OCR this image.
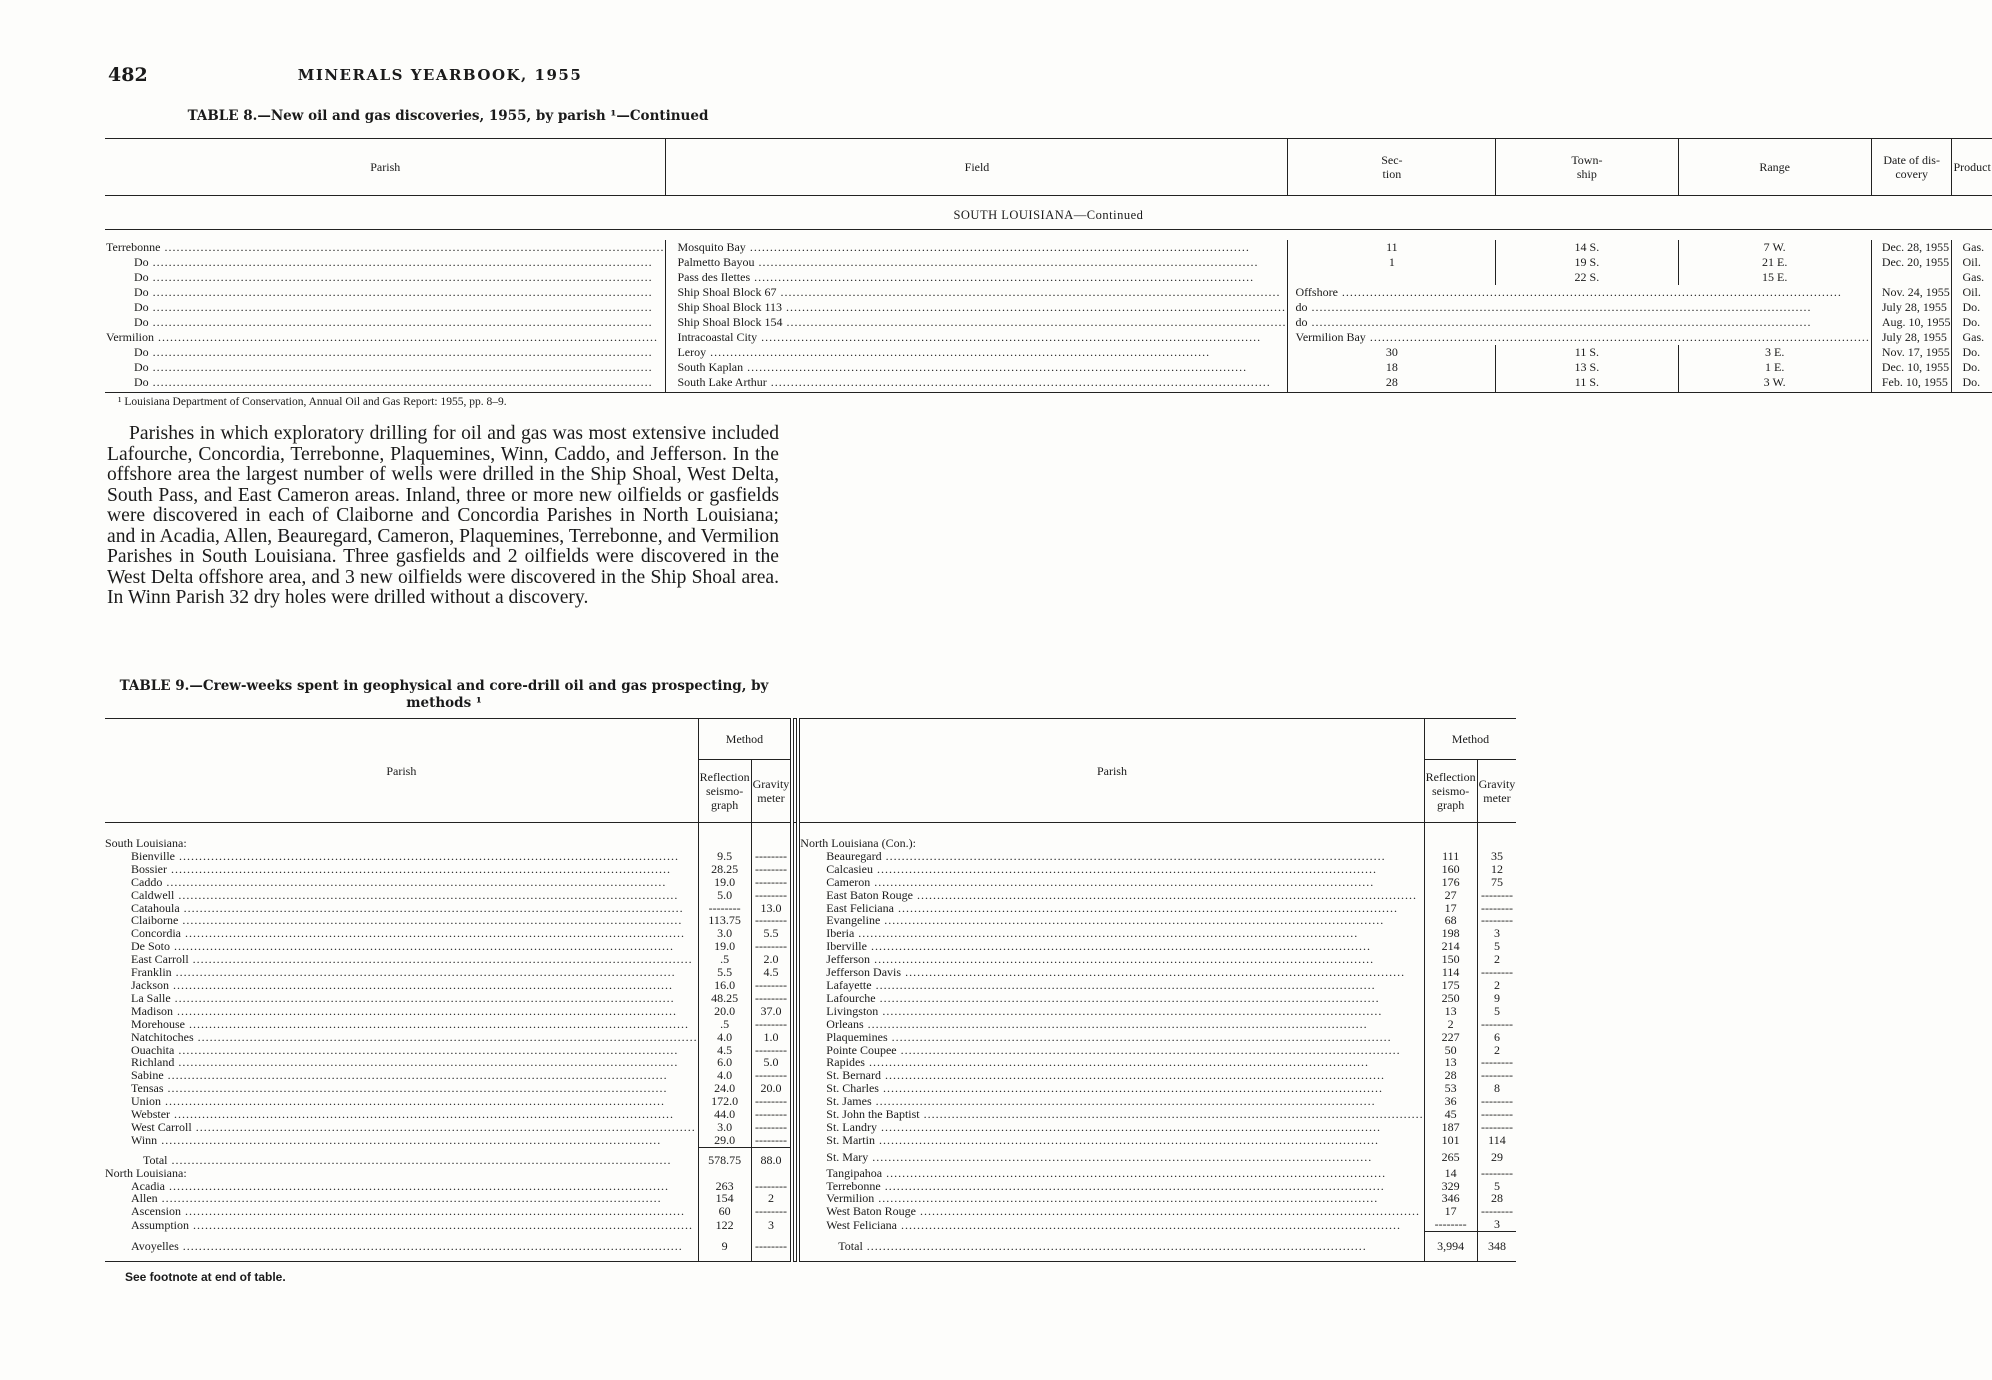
482	MINERALS YEARBOOK, 1955
TABLE 8.—New oil and gas discoveries, 1955, by parish ¹—Continued
Parish	Field	Sec-
tion	Town-
ship	Range	Date of dis-
covery	Product
SOUTH LOUISIANA—Continued						

Terrebonne .....	Mosquito Bay .....	11	14 S.	7 W.	Dec. 28, 1955	Gas.

Do .....	Palmetto Bayou .....	1	19 S.	21 E.	Dec. 20, 1955	Oil.

Do .....	Pass des Ilettes .....		22 S.	15 E.		Gas.

Do .....	Ship Shoal Block 67 .....	Offshore .....			Nov. 24, 1955	Oil.

Do .....	Ship Shoal Block 113 .....	do .....			July 28, 1955	Do.

Do .....	Ship Shoal Block 154 .....	do .....			Aug. 10, 1955	Do.

Vermilion .....	Intracoastal City .....	Vermilion Bay .....			July 28, 1955	Gas.

Do .....	Leroy .....	30	11 S.	3 E.	Nov. 17, 1955	Do.

Do .....	South Kaplan .....	18	13 S.	1 E.	Dec. 10, 1955	Do.

Do .....	South Lake Arthur .....	28	11 S.	3 W.	Feb. 10, 1955	Do.
¹ Louisiana Department of Conservation, Annual Oil and Gas Report: 1955, pp. 8–9.
Parishes in which exploratory drilling for oil and gas was most extensive included Lafourche, Concordia, Terrebonne, Plaquemines, Winn, Caddo, and Jefferson. In the offshore area the largest number of wells were drilled in the Ship Shoal, West Delta, South Pass, and East Cameron areas. Inland, three or more new oilfields or gasfields were discovered in each of Claiborne and Concordia Parishes in North Louisiana; and in Acadia, Allen, Beauregard, Cameron, Plaquemines, Terrebonne, and Vermilion Parishes in South Louisiana. Three gasfields and 2 oilfields were discovered in the West Delta offshore area, and 3 new oilfields were discovered in the Ship Shoal area. In Winn Parish 32 dry holes were drilled without a discovery.
TABLE 9.—Crew-weeks spent in geophysical and core-drill oil and gas prospecting, by methods ¹
Parish	Method			Parish	Method	
	Reflection
seismo-
graph	Gravity
meter			Reflection
seismo-
graph	Gravity
meter

South Louisiana:				North Louisiana (Con.):		

Bienville .....	9.5	--------		Beauregard .....	111	35

Bossier .....	28.25	--------		Calcasieu .....	160	12

Caddo .....	19.0	--------		Cameron .....	176	75

Caldwell .....	5.0	--------		East Baton Rouge .....	27	--------

Catahoula .....	--------	13.0		East Feliciana .....	17	--------

Claiborne .....	113.75	--------		Evangeline .....	68	--------

Concordia .....	3.0	5.5		Iberia .....	198	3

De Soto .....	19.0	--------		Iberville .....	214	5

East Carroll .....	.5	2.0		Jefferson .....	150	2

Franklin .....	5.5	4.5		Jefferson Davis .....	114	--------

Jackson .....	16.0	--------		Lafayette .....	175	2

La Salle .....	48.25	--------		Lafourche .....	250	9

Madison .....	20.0	37.0		Livingston .....	13	5

Morehouse .....	.5	--------		Orleans .....	2	--------

Natchitoches .....	4.0	1.0		Plaquemines .....	227	6

Ouachita .....	4.5	--------		Pointe Coupee .....	50	2

Richland .....	6.0	5.0		Rapides .....	13	--------

Sabine .....	4.0	--------		St. Bernard .....	28	--------

Tensas .....	24.0	20.0		St. Charles .....	53	8

Union .....	172.0	--------		St. James .....	36	--------

Webster .....	44.0	--------		St. John the Baptist .....	45	--------

West Carroll .....	3.0	--------		St. Landry .....	187	--------

Winn .....	29.0	--------		St. Martin .....	101	114

Total .....	578.75	88.0		St. Mary .....	265	29

North Louisiana:				Tangipahoa .....	14	--------

Acadia .....	263	--------		Terrebonne .....	329	5

Allen .....	154	2		Vermilion .....	346	28

Ascension .....	60	--------		West Baton Rouge .....	17	--------

Assumption .....	122	3		West Feliciana .....	--------	3

Avoyelles .....	9	--------		Total .....	3,994	348
See footnote at end of table.
